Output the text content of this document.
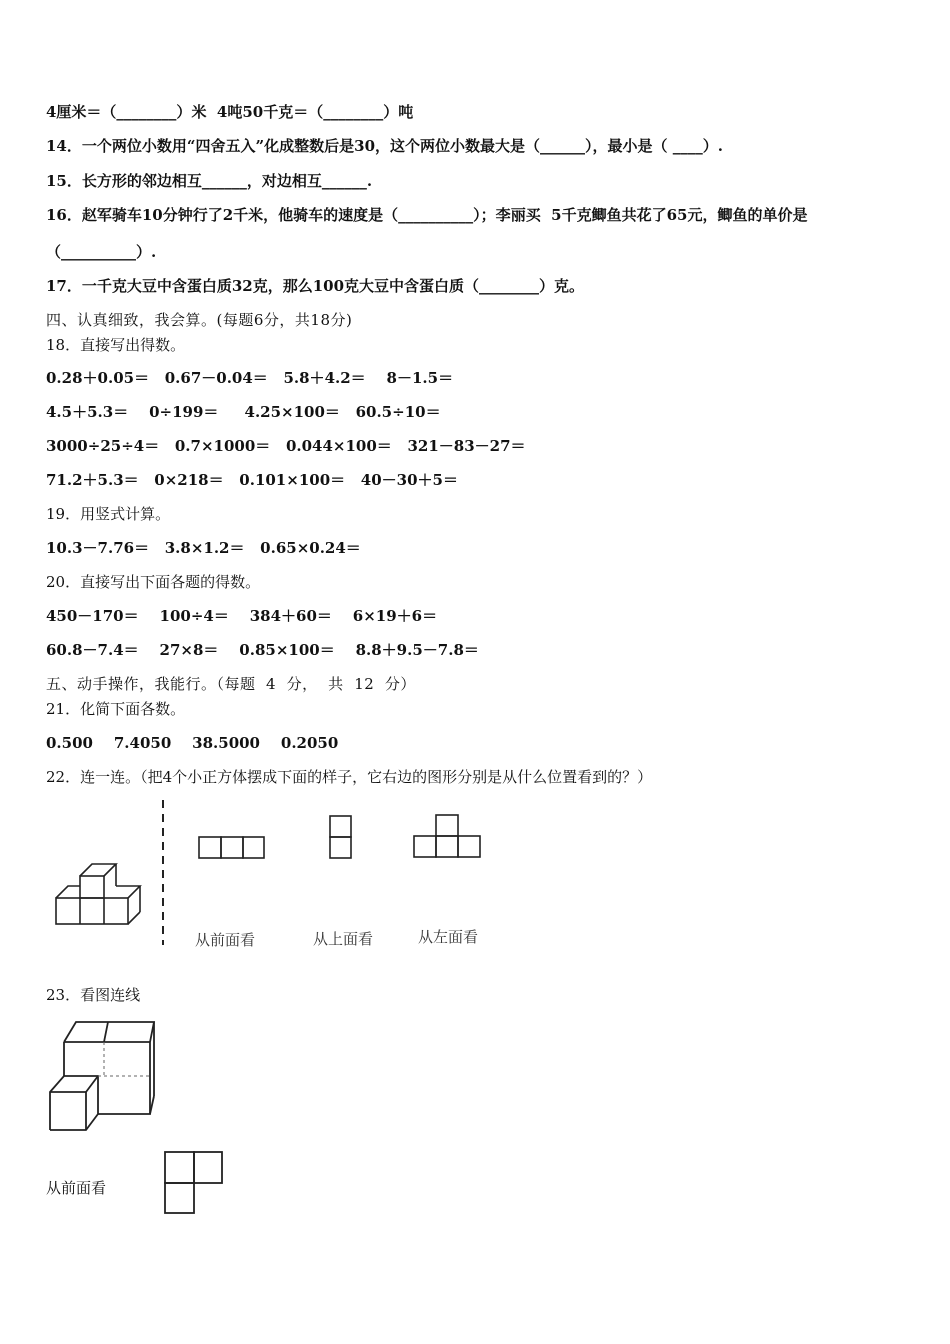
4厘米＝（________）米  4吨50千克＝（________）吨
14．一个两位小数用“四舍五入”化成整数后是30，这个两位小数最大是（______），最小是（ ____）.
15．长方形的邻边相互______，对边相互______.
16．赵军骑车10分钟行了2千米，他骑车的速度是（__________）；李丽买  5千克鲫鱼共花了65元，鲫鱼的单价是
（__________）.
17．一千克大豆中含蛋白质32克，那么100克大豆中含蛋白质（________）克。
四、认真细致，我会算。(每题6分，共18分)
18．直接写出得数。
0.28＋0.05＝   0.67－0.04＝   5.8＋4.2＝    8－1.5＝
4.5＋5.3＝    0÷199＝     4.25×100＝   60.5÷10＝
3000÷25÷4＝   0.7×1000＝   0.044×100＝   321－83－27＝
71.2＋5.3＝   0×218＝   0.101×100＝   40－30＋5＝
19．用竖式计算。
10.3－7.76＝   3.8×1.2＝   0.65×0.24＝
20．直接写出下面各题的得数。
450－170＝    100÷4＝    384＋60＝    6×19＋6＝
60.8－7.4＝    27×8＝    0.85×100＝    8.8＋9.5－7.8＝
五、动手操作，我能行。（每题  4  分，  共  12  分）
21．化简下面各数。
0.500    7.4050    38.5000    0.2050
22．连一连。（把4个小正方体摆成下面的样子，它右边的图形分别是从什么位置看到的？）
从前面看	从上面看	从左面看
23．看图连线
从前面看
